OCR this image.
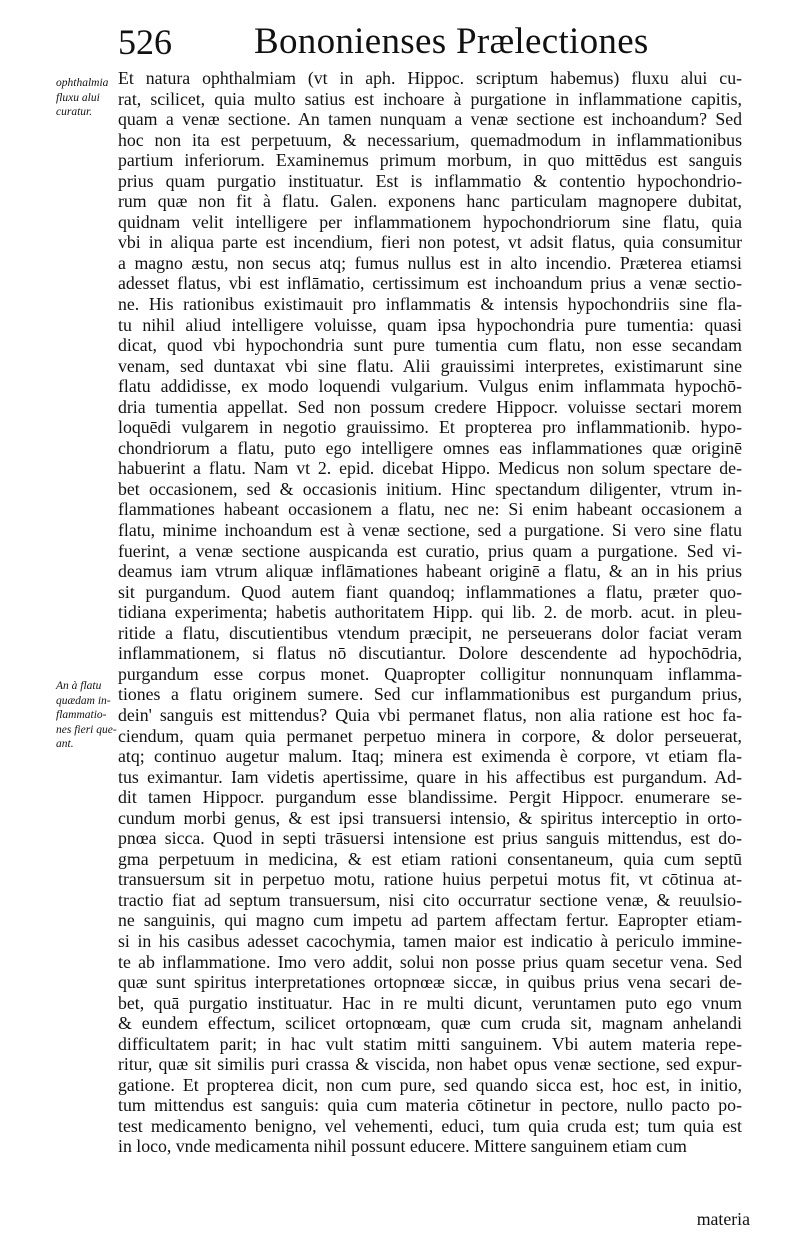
526 Bononienses Prælectiones
ophthalmia
fluxu alui
curatur.
An à flatu
quædam in-
flammatio-
nes fieri que-
ant.
Et natura ophthalmiam (vt in aph. Hippoc. scriptum habemus) fluxu alui cu-
rat, scilicet, quia multo satius est inchoare à purgatione in inflammatione capitis,
quam a venæ sectione. An tamen nunquam a venæ sectione est inchoandum? Sed
hoc non ita est perpetuum, & necessarium, quemadmodum in inflammationibus
partium inferiorum. Examinemus primum morbum, in quo mittēdus est sanguis
prius quam purgatio instituatur. Est is inflammatio & contentio hypochondrio-
rum quæ non fit à flatu. Galen. exponens hanc particulam magnopere dubitat,
quidnam velit intelligere per inflammationem hypochondriorum sine flatu, quia
vbi in aliqua parte est incendium, fieri non potest, vt adsit flatus, quia consumitur
a magno æstu, non secus atq; fumus nullus est in alto incendio. Præterea etiamsi
adesset flatus, vbi est inflāmatio, certissimum est inchoandum prius a venæ sectio-
ne. His rationibus existimauit pro inflammatis & intensis hypochondriis sine fla-
tu nihil aliud intelligere voluisse, quam ipsa hypochondria pure tumentia: quasi
dicat, quod vbi hypochondria sunt pure tumentia cum flatu, non esse secandam
venam, sed duntaxat vbi sine flatu. Alii grauissimi interpretes, existimarunt sine
flatu addidisse, ex modo loquendi vulgarium. Vulgus enim inflammata hypochō-
dria tumentia appellat. Sed non possum credere Hippocr. voluisse sectari morem
loquēdi vulgarem in negotio grauissimo. Et propterea pro inflammationib. hypo-
chondriorum a flatu, puto ego intelligere omnes eas inflammationes quæ originē
habuerint a flatu. Nam vt 2. epid. dicebat Hippo. Medicus non solum spectare de-
bet occasionem, sed & occasionis initium. Hinc spectandum diligenter, vtrum in-
flammationes habeant occasionem a flatu, nec ne: Si enim habeant occasionem a
flatu, minime inchoandum est à venæ sectione, sed a purgatione. Si vero sine flatu
fuerint, a venæ sectione auspicanda est curatio, prius quam a purgatione. Sed vi-
deamus iam vtrum aliquæ inflāmationes habeant originē a flatu, & an in his prius
sit purgandum. Quod autem fiant quandoq; inflammationes a flatu, præter quo-
tidiana experimenta; habetis authoritatem Hipp. qui lib. 2. de morb. acut. in pleu-
ritide a flatu, discutientibus vtendum præcipit, ne perseuerans dolor faciat veram
inflammationem, si flatus nō discutiantur. Dolore descendente ad hypochōdria,
purgandum esse corpus monet. Quapropter colligitur nonnunquam inflamma-
tiones a flatu originem sumere. Sed cur inflammationibus est purgandum prius,
dein' sanguis est mittendus? Quia vbi permanet flatus, non alia ratione est hoc fa-
ciendum, quam quia permanet perpetuo minera in corpore, & dolor perseuerat,
atq; continuo augetur malum. Itaq; minera est eximenda è corpore, vt etiam fla-
tus eximantur. Iam videtis apertissime, quare in his affectibus est purgandum. Ad-
dit tamen Hippocr. purgandum esse blandissime. Pergit Hippocr. enumerare se-
cundum morbi genus, & est ipsi transuersi intensio, & spiritus interceptio in orto-
pnœa sicca. Quod in septi trāsuersi intensione est prius sanguis mittendus, est do-
gma perpetuum in medicina, & est etiam rationi consentaneum, quia cum septū
transuersum sit in perpetuo motu, ratione huius perpetui motus fit, vt cōtinua at-
tractio fiat ad septum transuersum, nisi cito occurratur sectione venæ, & reuulsio-
ne sanguinis, qui magno cum impetu ad partem affectam fertur. Eapropter etiam-
si in his casibus adesset cacochymia, tamen maior est indicatio à periculo immine-
te ab inflammatione. Imo vero addit, solui non posse prius quam secetur vena. Sed
quæ sunt spiritus interpretationes ortopnœæ siccæ, in quibus prius vena secari de-
bet, quā purgatio instituatur. Hac in re multi dicunt, veruntamen puto ego vnum
& eundem effectum, scilicet ortopnœam, quæ cum cruda sit, magnam anhelandi
difficultatem parit; in hac vult statim mitti sanguinem. Vbi autem materia repe-
ritur, quæ sit similis puri crassa & viscida, non habet opus venæ sectione, sed expur-
gatione. Et propterea dicit, non cum pure, sed quando sicca est, hoc est, in initio,
tum mittendus est sanguis: quia cum materia cōtinetur in pectore, nullo pacto po-
test medicamento benigno, vel vehementi, educi, tum quia cruda est; tum quia est
in loco, vnde medicamenta nihil possunt educere. Mittere sanguinem etiam cum
materia
